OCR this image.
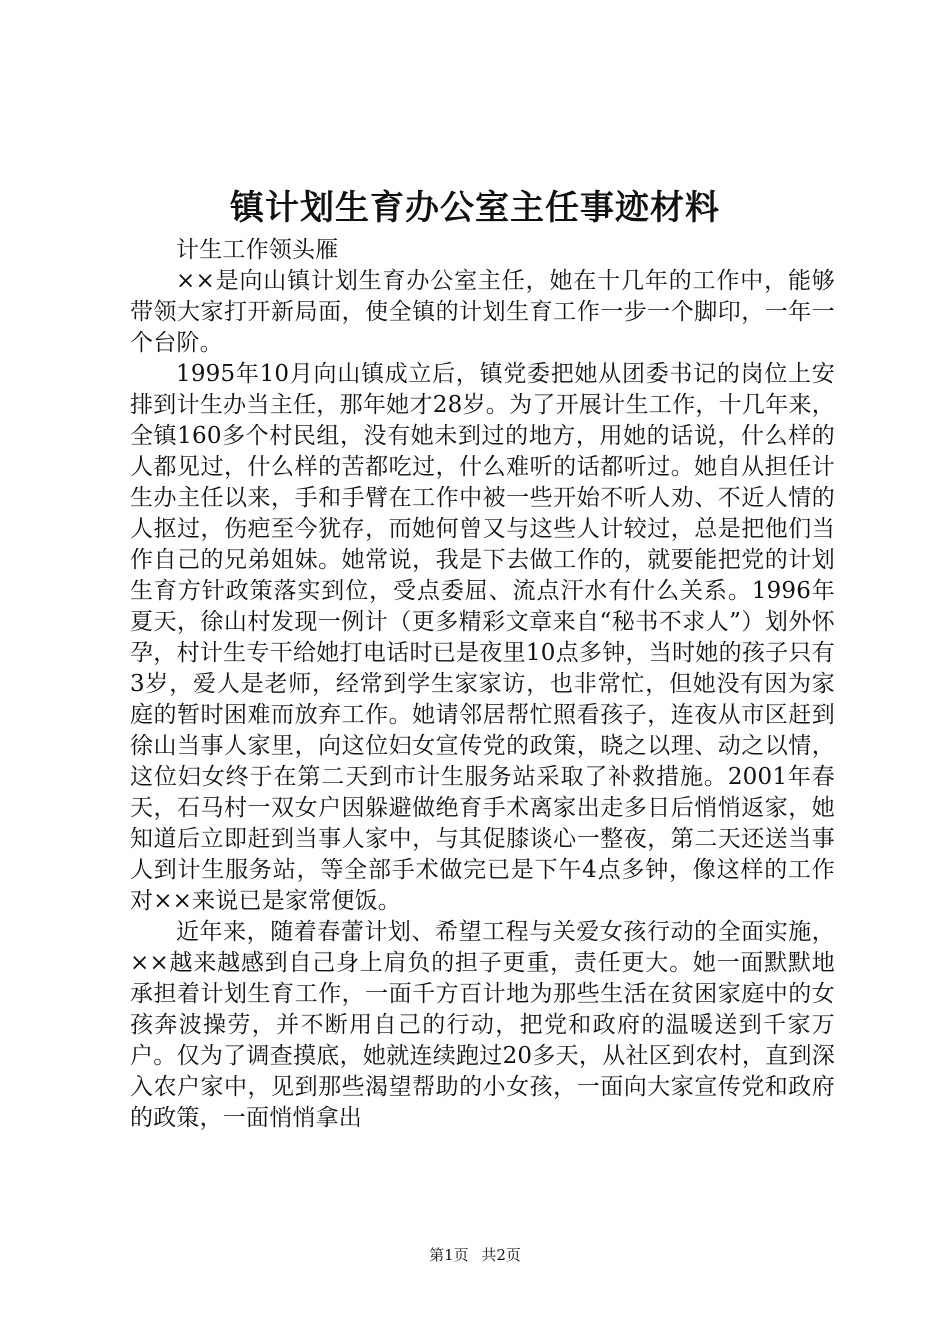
镇计划生育办公室主任事迹材料

计生工作领头雁

××是向山镇计划生育办公室主任，她在十几年的工作中，能够带领大家打开新局面，使全镇的计划生育工作一步一个脚印，一年一个台阶。

1995年10月向山镇成立后，镇党委把她从团委书记的岗位上安排到计生办当主任，那年她才28岁。为了开展计生工作，十几年来，全镇160多个村民组，没有她未到过的地方，用她的话说，什么样的人都见过，什么样的苦都吃过，什么难听的话都听过。她自从担任计生办主任以来，手和手臂在工作中被一些开始不听人劝、不近人情的人抠过，伤疤至今犹存，而她何曾又与这些人计较过，总是把他们当作自己的兄弟姐妹。她常说，我是下去做工作的，就要能把党的计划生育方针政策落实到位，受点委屈、流点汗水有什么关系。1996年夏天，徐山村发现一例计（更多精彩文章来自“秘书不求人”）划外怀孕，村计生专干给她打电话时已是夜里10点多钟，当时她的孩子只有3岁，爱人是老师，经常到学生家家访，也非常忙，但她没有因为家庭的暂时困难而放弃工作。她请邻居帮忙照看孩子，连夜从市区赶到徐山当事人家里，向这位妇女宣传党的政策，晓之以理、动之以情，这位妇女终于在第二天到市计生服务站采取了补救措施。2001年春天，石马村一双女户因躲避做绝育手术离家出走多日后悄悄返家，她知道后立即赶到当事人家中，与其促膝谈心一整夜，第二天还送当事人到计生服务站，等全部手术做完已是下午4点多钟，像这样的工作对××来说已是家常便饭。

近年来，随着春蕾计划、希望工程与关爱女孩行动的全面实施，××越来越感到自己身上肩负的担子更重，责任更大。她一面默默地承担着计划生育工作，一面千方百计地为那些生活在贫困家庭中的女孩奔波操劳，并不断用自己的行动，把党和政府的温暖送到千家万户。仅为了调查摸底，她就连续跑过20多天，从社区到农村，直到深入农户家中，见到那些渴望帮助的小女孩，一面向大家宣传党和政府的政策，一面悄悄拿出

第1页 共2页
